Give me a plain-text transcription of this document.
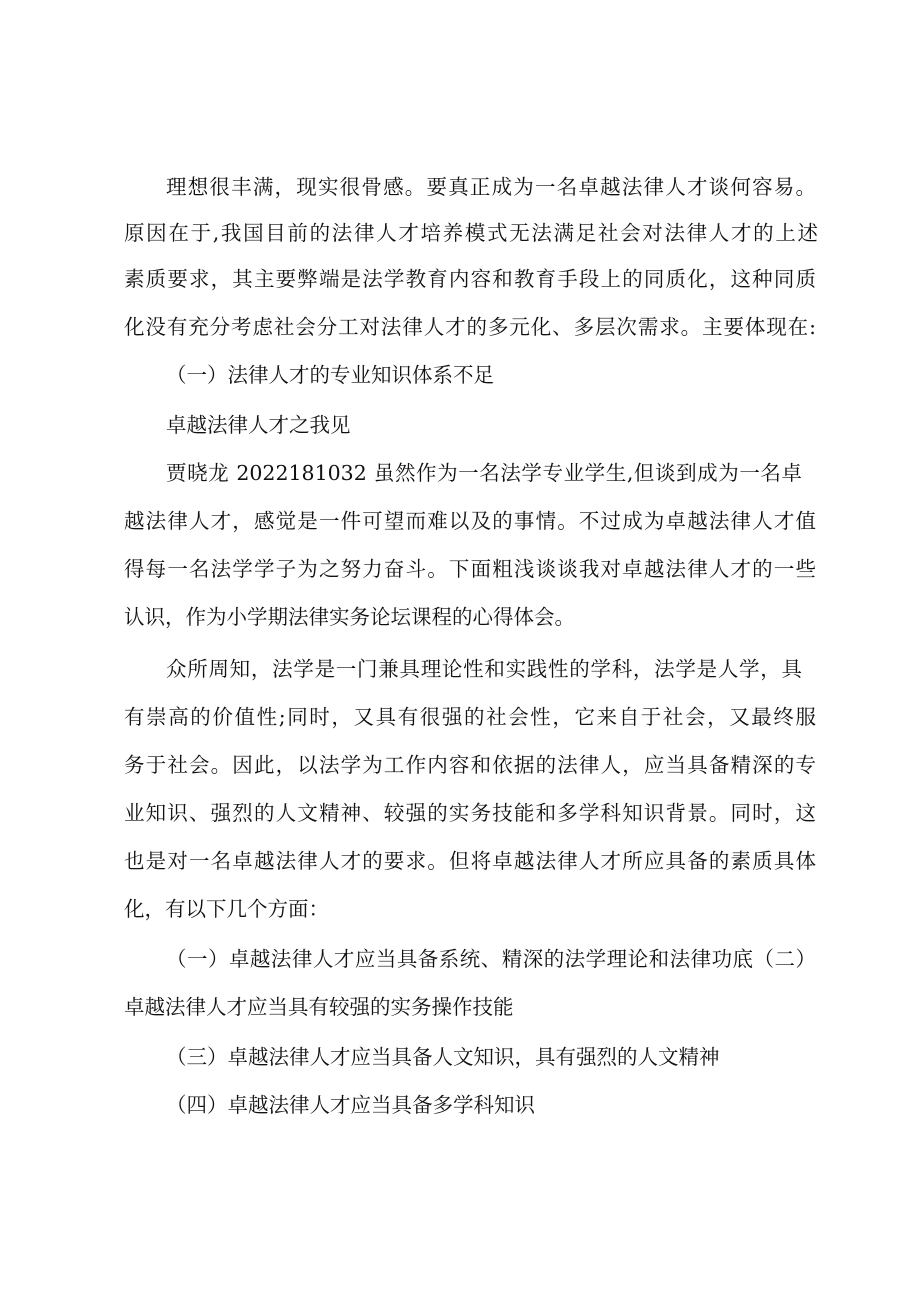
理想很丰满，现实很骨感。要真正成为一名卓越法律人才谈何容易。
原因在于,我国目前的法律人才培养模式无法满足社会对法律人才的上述
素质要求，其主要弊端是法学教育内容和教育手段上的同质化，这种同质
化没有充分考虑社会分工对法律人才的多元化、多层次需求。主要体现在:
（一）法律人才的专业知识体系不足
卓越法律人才之我见
贾晓龙 2022181032 虽然作为一名法学专业学生,但谈到成为一名卓
越法律人才，感觉是一件可望而难以及的事情。不过成为卓越法律人才值
得每一名法学学子为之努力奋斗。下面粗浅谈谈我对卓越法律人才的一些
认识，作为小学期法律实务论坛课程的心得体会。
众所周知，法学是一门兼具理论性和实践性的学科，法学是人学，具
有崇高的价值性;同时，又具有很强的社会性，它来自于社会，又最终服
务于社会。因此，以法学为工作内容和依据的法律人，应当具备精深的专
业知识、强烈的人文精神、较强的实务技能和多学科知识背景。同时，这
也是对一名卓越法律人才的要求。但将卓越法律人才所应具备的素质具体
化，有以下几个方面：
（一）卓越法律人才应当具备系统、精深的法学理论和法律功底（二）
卓越法律人才应当具有较强的实务操作技能
（三）卓越法律人才应当具备人文知识，具有强烈的人文精神
（四）卓越法律人才应当具备多学科知识
